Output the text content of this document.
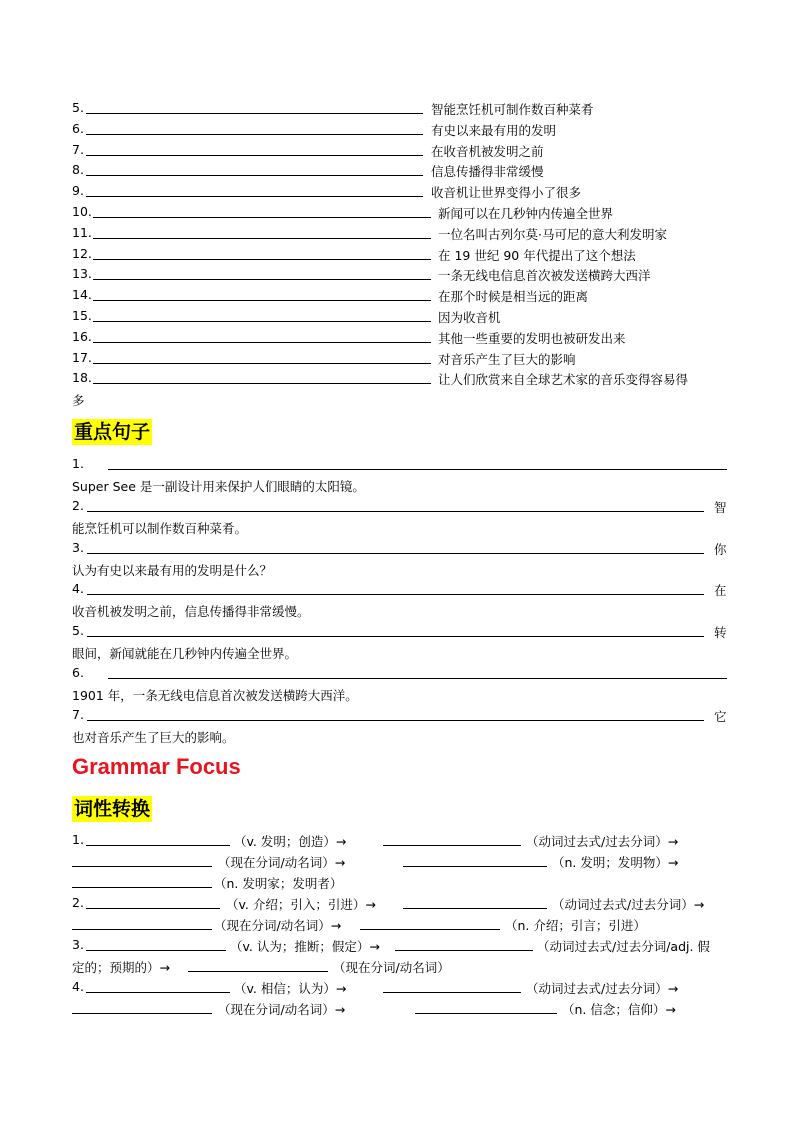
5.	智能烹饪机可制作数百种菜肴
6.	有史以来最有用的发明
7.	在收音机被发明之前
8.	信息传播得非常缓慢
9.	收音机让世界变得小了很多
10.	新闻可以在几秒钟内传遍全世界
11.	一位名叫古列尔莫·马可尼的意大利发明家
12.	在 19 世纪 90 年代提出了这个想法
13.	一条无线电信息首次被发送横跨大西洋
14.	在那个时候是相当远的距离
15.	因为收音机
16.	其他一些重要的发明也被研发出来
17.	对音乐产生了巨大的影响
18.	让人们欣赏来自全球艺术家的音乐变得容易得
多
重点句子
1.
Super See 是一副设计用来保护人们眼睛的太阳镜。
2.	智
能烹饪机可以制作数百种菜肴。
3.	你
认为有史以来最有用的发明是什么？
4.	在
收音机被发明之前，信息传播得非常缓慢。
5.	转
眼间，新闻就能在几秒钟内传遍全世界。
6.
1901 年，一条无线电信息首次被发送横跨大西洋。
7.	它
也对音乐产生了巨大的影响。
Grammar Focus
词性转换
1.	（v. 发明；创造）→	（动词过去式/过去分词）→
（现在分词/动名词）→	（n. 发明；发明物）→
（n. 发明家；发明者）
2.	（v. 介绍；引入；引进）→	（动词过去式/过去分词）→
（现在分词/动名词）→	（n. 介绍；引言；引进）
3.	（v. 认为；推断；假定）→	（动词过去式/过去分词/adj. 假
定的；预期的）→	（现在分词/动名词）
4.	（v. 相信；认为）→	（动词过去式/过去分词）→
（现在分词/动名词）→	（n. 信念；信仰）→
